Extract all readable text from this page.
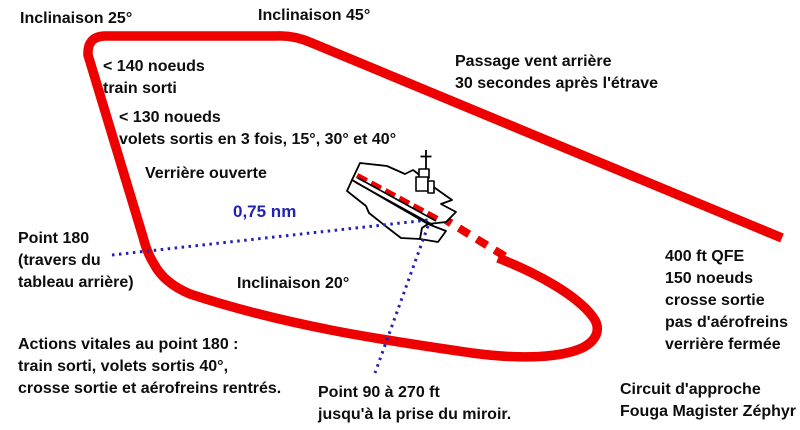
Inclinaison 25°	Inclinaison 45°
Passage vent arrière
30 secondes après l'étrave
< 140 noeuds
train sorti
< 130 noueds
volets sortis en 3 fois, 15°, 30° et 40°
Verrière ouverte
0,75 nm
Point 180
(travers du
tableau arrière)	Inclinaison 20°
Actions vitales au point 180 :
train sorti, volets sortis 40°,
crosse sortie et aérofreins rentrés. Point 90 à 270 ft
jusqu'à la prise du miroir.
400 ft QFE
150 noeuds
crosse sortie
pas d'aérofreins
verrière fermée
Circuit d'approche
Fouga Magister Zéphyr
